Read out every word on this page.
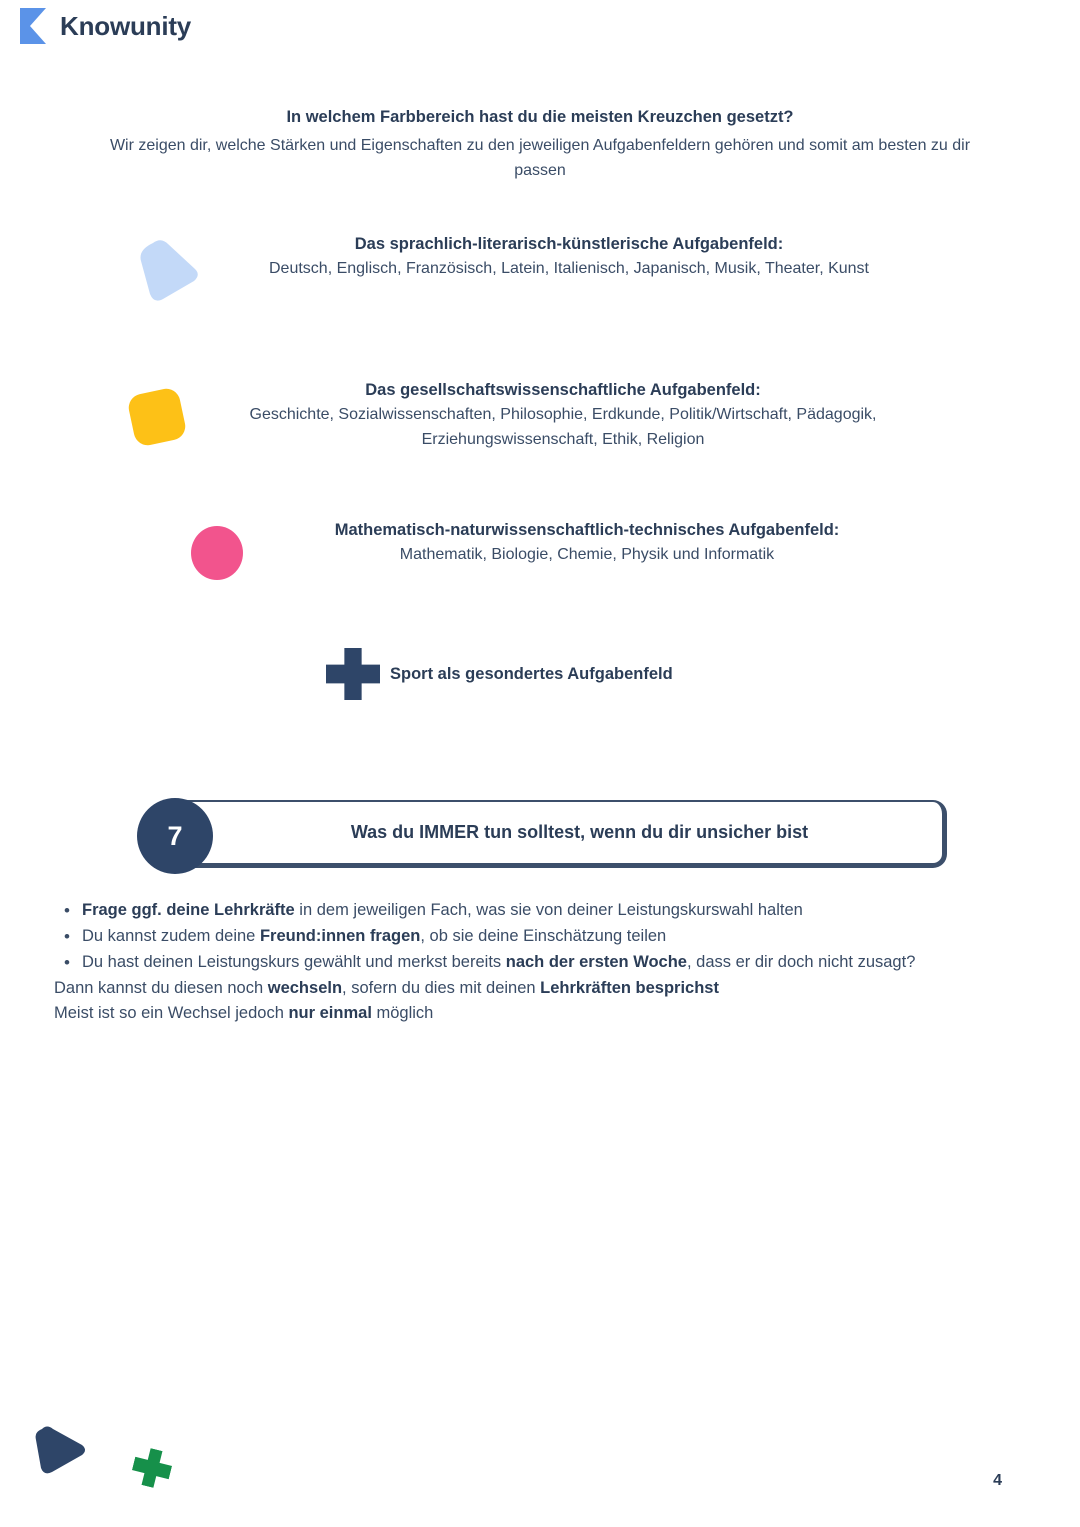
Knowunity
In welchem Farbbereich hast du die meisten Kreuzchen gesetzt?
Wir zeigen dir, welche Stärken und Eigenschaften zu den jeweiligen Aufgabenfeldern gehören und somit am besten zu dir passen
Das sprachlich-literarisch-künstlerische Aufgabenfeld:
Deutsch, Englisch, Französisch, Latein, Italienisch, Japanisch, Musik, Theater, Kunst
Das gesellschaftswissenschaftliche Aufgabenfeld:
Geschichte, Sozialwissenschaften, Philosophie, Erdkunde, Politik/Wirtschaft, Pädagogik, Erziehungswissenschaft, Ethik, Religion
Mathematisch-naturwissenschaftlich-technisches Aufgabenfeld:
Mathematik, Biologie, Chemie, Physik und Informatik
Sport als gesondertes Aufgabenfeld
Was du IMMER tun solltest, wenn du dir unsicher bist
7
• Frage ggf. deine Lehrkräfte in dem jeweiligen Fach, was sie von deiner Leistungskurswahl halten
• Du kannst zudem deine Freund:innen fragen, ob sie deine Einschätzung teilen
• Du hast deinen Leistungskurs gewählt und merkst bereits nach der ersten Woche, dass er dir doch nicht zusagt?

Dann kannst du diesen noch wechseln, sofern du dies mit deinen Lehrkräften besprichst

Meist ist so ein Wechsel jedoch nur einmal möglich

4
